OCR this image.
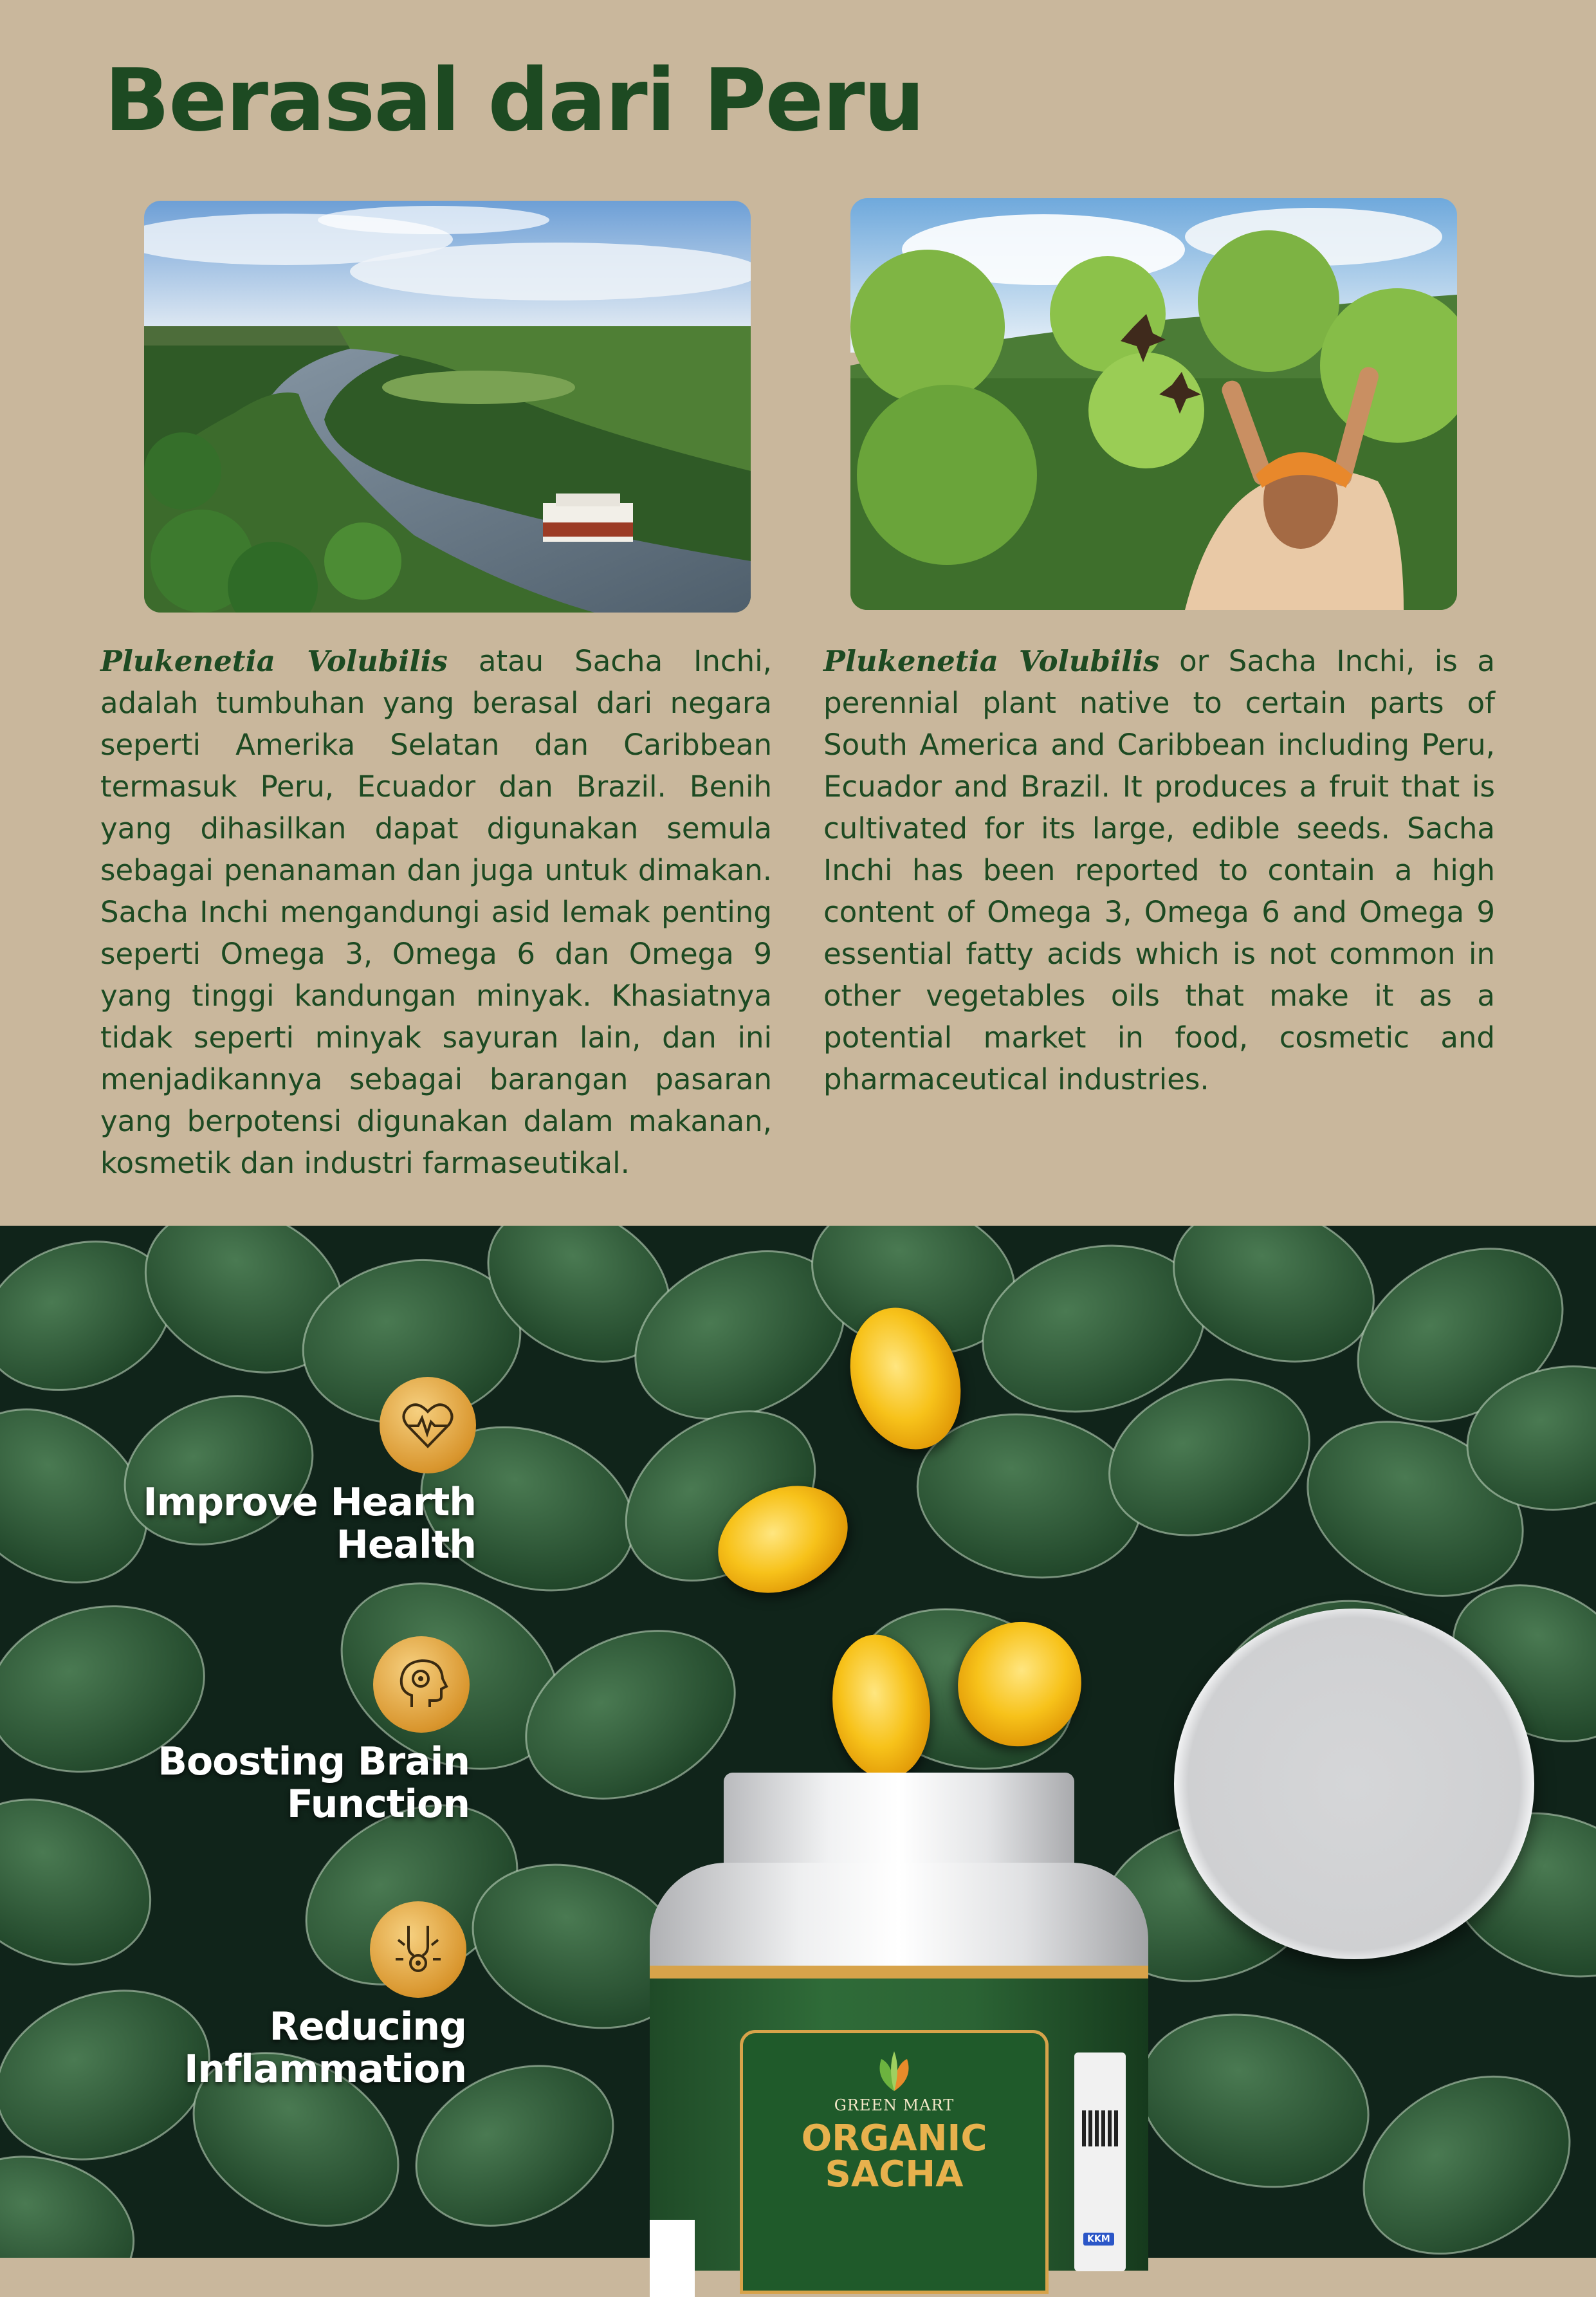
Berasal dari Peru

Plukenetia Volubilis atau Sacha Inchi, adalah tumbuhan yang berasal dari negara seperti Amerika Selatan dan Caribbean termasuk Peru, Ecuador dan Brazil. Benih yang dihasilkan dapat digunakan semula sebagai penanaman dan juga untuk dimakan. Sacha Inchi mengandungi asid lemak penting seperti Omega 3, Omega 6 dan Omega 9 yang tinggi kandungan minyak. Khasiatnya tidak seperti minyak sayuran lain, dan ini menjadikannya sebagai barangan pasaran yang berpotensi digunakan dalam makanan, kosmetik dan industri farmaseutikal.

Plukenetia Volubilis or Sacha Inchi, is a perennial plant native to certain parts of South America and Caribbean including Peru, Ecuador and Brazil. It produces a fruit that is cultivated for its large, edible seeds. Sacha Inchi has been reported to contain a high content of Omega 3, Omega 6 and Omega 9 essential fatty acids which is not common in other vegetables oils that make it as a potential market in food, cosmetic and pharmaceutical industries.

Improve Hearth
Health
Boosting Brain
Function
Reducing
Inflammation
GREEN MART
ORGANIC
SACHA
KKM
